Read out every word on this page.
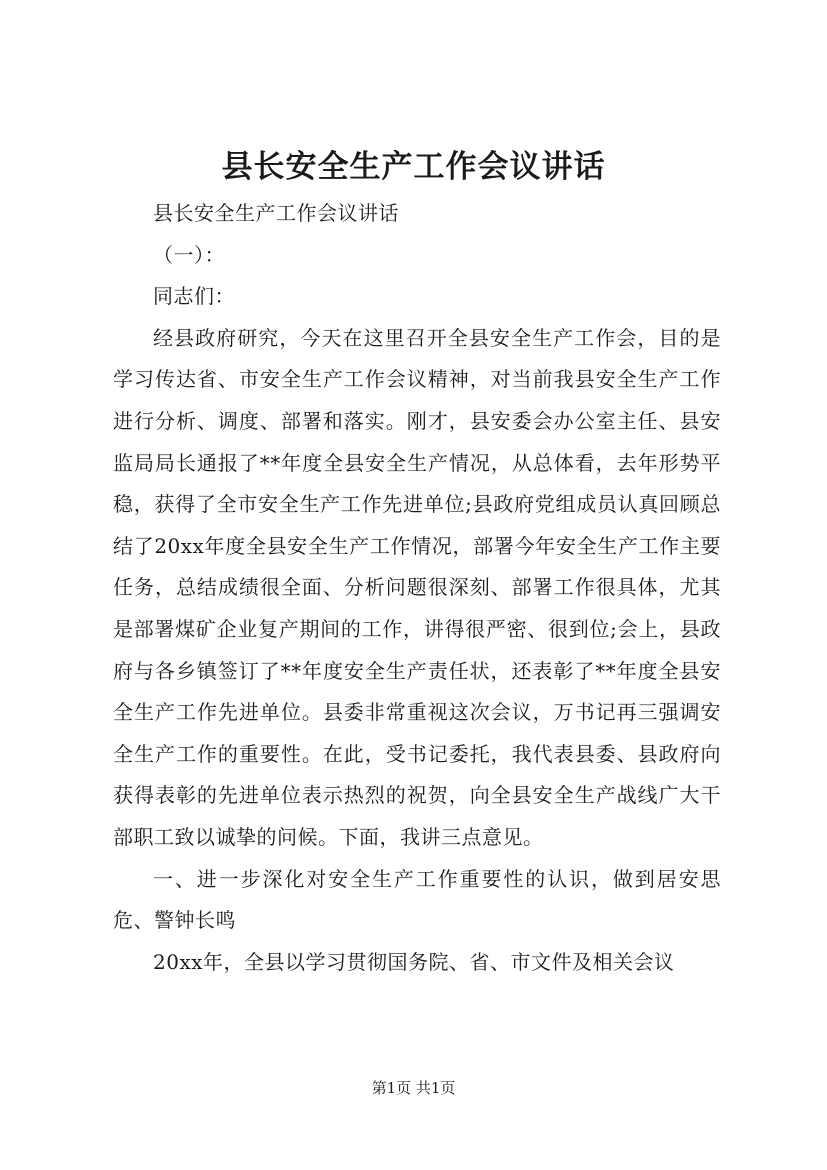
县长安全生产工作会议讲话

县长安全生产工作会议讲话

（一）：

同志们：

经县政府研究，今天在这里召开全县安全生产工作会，目的是学习传达省、市安全生产工作会议精神，对当前我县安全生产工作进行分析、调度、部署和落实。刚才，县安委会办公室主任、县安监局局长通报了**年度全县安全生产情况，从总体看，去年形势平稳，获得了全市安全生产工作先进单位;县政府党组成员认真回顾总结了20xx年度全县安全生产工作情况，部署今年安全生产工作主要任务，总结成绩很全面、分析问题很深刻、部署工作很具体，尤其是部署煤矿企业复产期间的工作，讲得很严密、很到位;会上，县政府与各乡镇签订了**年度安全生产责任状，还表彰了**年度全县安全生产工作先进单位。县委非常重视这次会议，万书记再三强调安全生产工作的重要性。在此，受书记委托，我代表县委、县政府向获得表彰的先进单位表示热烈的祝贺，向全县安全生产战线广大干部职工致以诚挚的问候。下面，我讲三点意见。

一、进一步深化对安全生产工作重要性的认识，做到居安思危、警钟长鸣

20xx年，全县以学习贯彻国务院、省、市文件及相关会议

第1页 共1页
